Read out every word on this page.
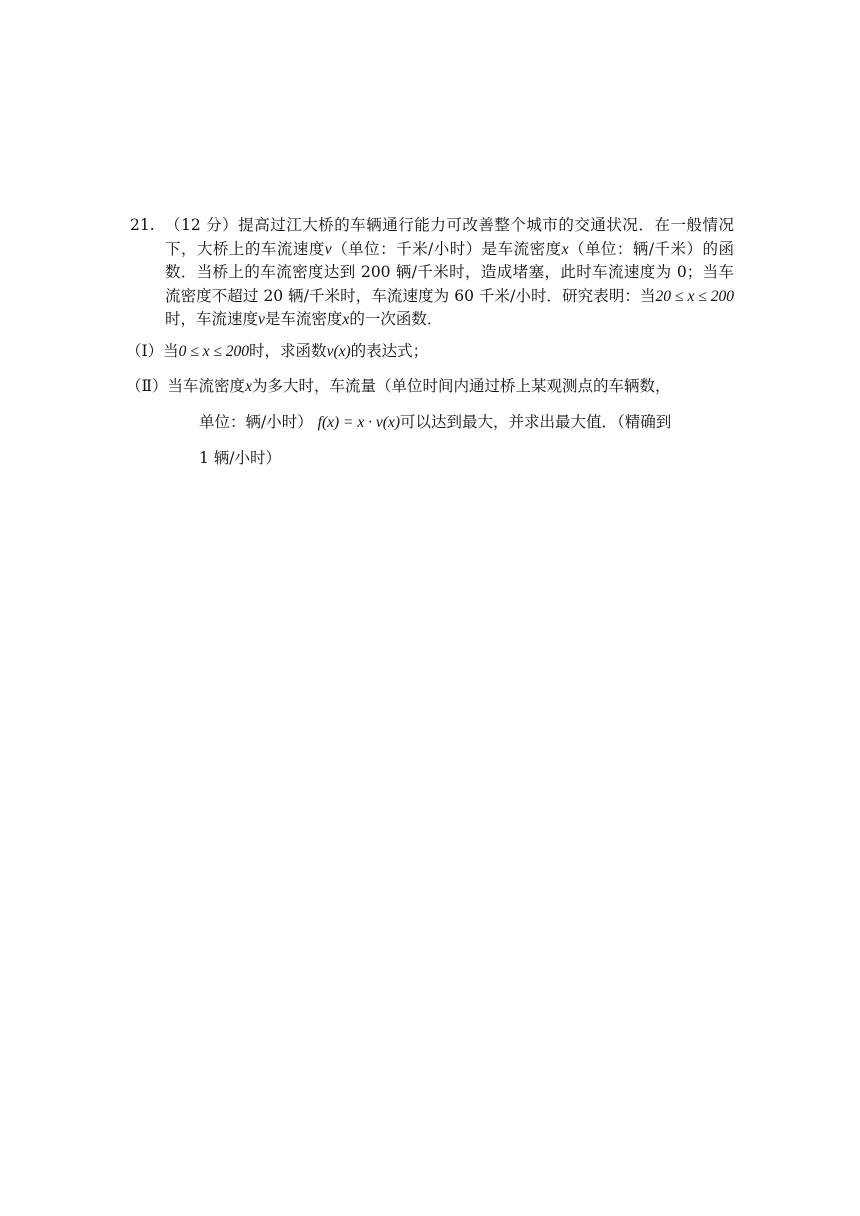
21. （12 分）提高过江大桥的车辆通行能力可改善整个城市的交通状况．在一般情况下，大桥上的车流速度v（单位：千米/小时）是车流密度x（单位：辆/千米）的函数．当桥上的车流密度达到 200 辆/千米时，造成堵塞，此时车流速度为 0；当车流密度不超过 20 辆/千米时，车流速度为 60 千米/小时．研究表明：当20 ≤ x ≤ 200时，车流速度v是车流密度x的一次函数．
（Ⅰ）当0 ≤ x ≤ 200时，求函数v(x)的表达式；
（Ⅱ）当车流密度x为多大时，车流量（单位时间内通过桥上某观测点的车辆数，
单位：辆/小时） f(x) = x · v(x)可以达到最大，并求出最大值．（精确到
1 辆/小时）
